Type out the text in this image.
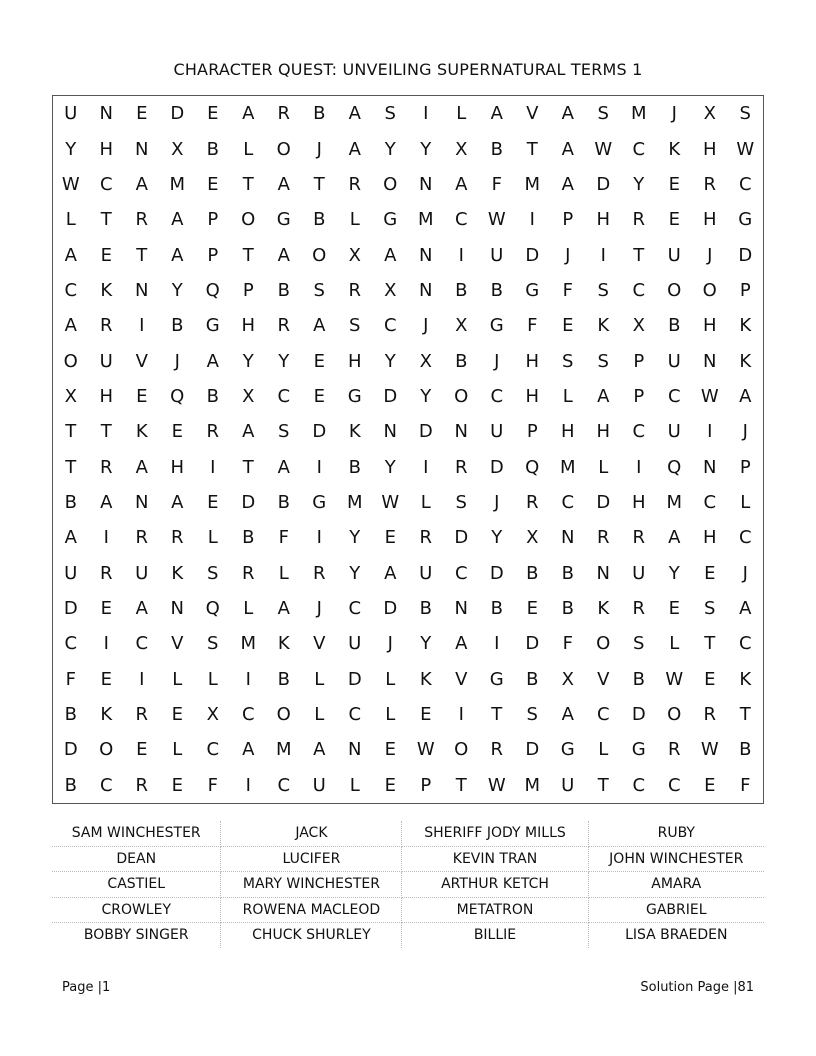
CHARACTER QUEST: UNVEILING SUPERNATURAL TERMS 1
U	N	E	D	E	A	R	B	A	S	I	L	A	V	A	S	M	J	X	S
Y	H	N	X	B	L	O	J	A	Y	Y	X	B	T	A	W	C	K	H	W
W	C	A	M	E	T	A	T	R	O	N	A	F	M	A	D	Y	E	R	C
L	T	R	A	P	O	G	B	L	G	M	C	W	I	P	H	R	E	H	G
A	E	T	A	P	T	A	O	X	A	N	I	U	D	J	I	T	U	J	D
C	K	N	Y	Q	P	B	S	R	X	N	B	B	G	F	S	C	O	O	P
A	R	I	B	G	H	R	A	S	C	J	X	G	F	E	K	X	B	H	K
O	U	V	J	A	Y	Y	E	H	Y	X	B	J	H	S	S	P	U	N	K
X	H	E	Q	B	X	C	E	G	D	Y	O	C	H	L	A	P	C	W	A
T	T	K	E	R	A	S	D	K	N	D	N	U	P	H	H	C	U	I	J
T	R	A	H	I	T	A	I	B	Y	I	R	D	Q	M	L	I	Q	N	P
B	A	N	A	E	D	B	G	M	W	L	S	J	R	C	D	H	M	C	L
A	I	R	R	L	B	F	I	Y	E	R	D	Y	X	N	R	R	A	H	C
U	R	U	K	S	R	L	R	Y	A	U	C	D	B	B	N	U	Y	E	J
D	E	A	N	Q	L	A	J	C	D	B	N	B	E	B	K	R	E	S	A
C	I	C	V	S	M	K	V	U	J	Y	A	I	D	F	O	S	L	T	C
F	E	I	L	L	I	B	L	D	L	K	V	G	B	X	V	B	W	E	K
B	K	R	E	X	C	O	L	C	L	E	I	T	S	A	C	D	O	R	T
D	O	E	L	C	A	M	A	N	E	W	O	R	D	G	L	G	R	W	B
B	C	R	E	F	I	C	U	L	E	P	T	W	M	U	T	C	C	E	F
SAM WINCHESTER	JACK	SHERIFF JODY MILLS	RUBY
DEAN	LUCIFER	KEVIN TRAN	JOHN WINCHESTER
CASTIEL	MARY WINCHESTER	ARTHUR KETCH	AMARA
CROWLEY	ROWENA MACLEOD	METATRON	GABRIEL
BOBBY SINGER	CHUCK SHURLEY	BILLIE	LISA BRAEDEN
Page |1	Solution Page |81
